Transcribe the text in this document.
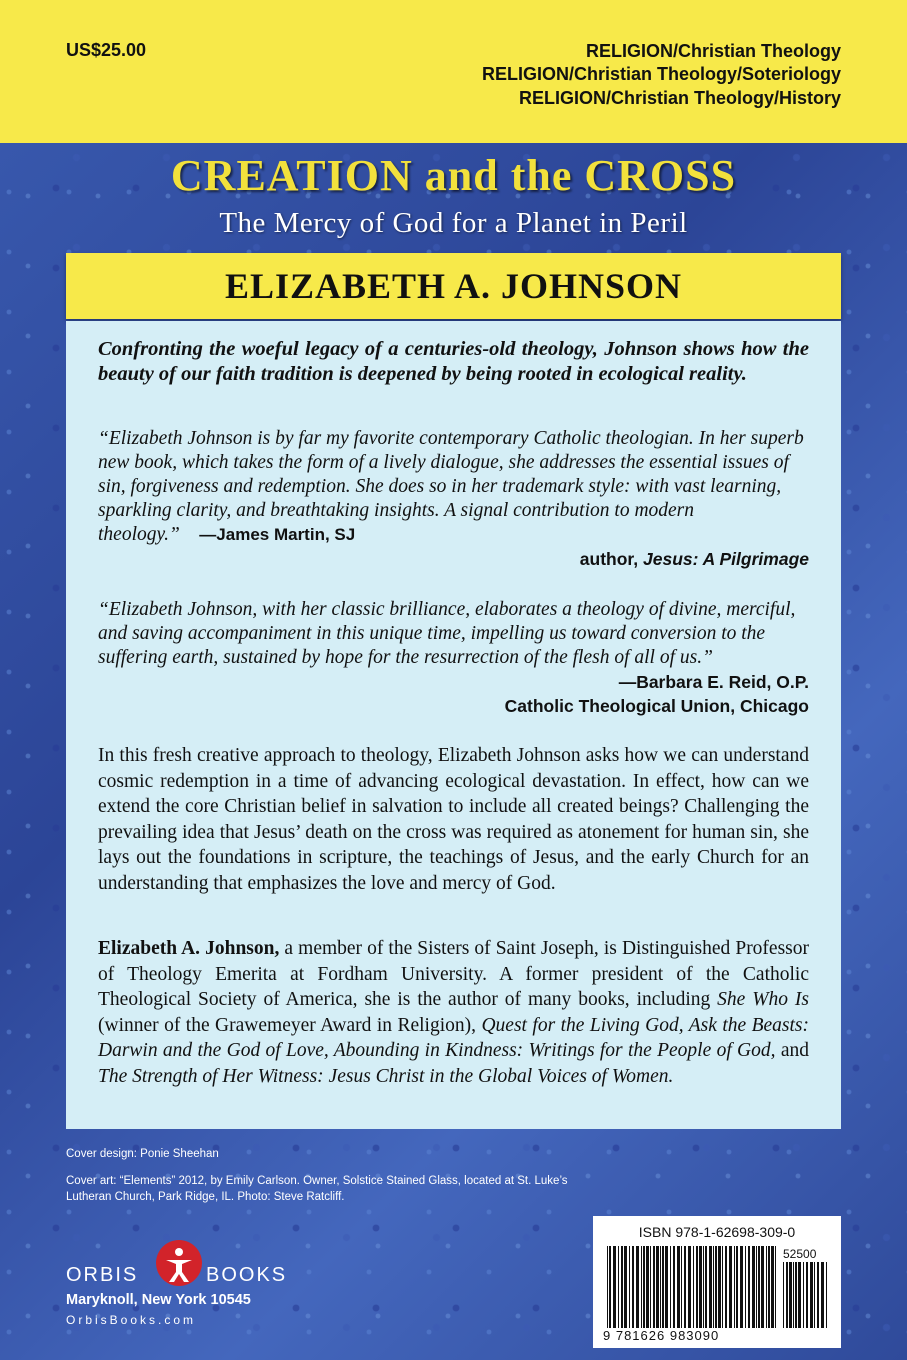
US$25.00	RELIGION/Christian Theology
RELIGION/Christian Theology/Soteriology
RELIGION/Christian Theology/History
CREATION and the CROSS
The Mercy of God for a Planet in Peril
ELIZABETH A. JOHNSON

Confronting the woeful legacy of a centuries-old theology, Johnson shows how the beauty of our faith tradition is deepened by being rooted in ecological reality.

“Elizabeth Johnson is by far my favorite contemporary Catholic theologian. In her superb new book, which takes the form of a lively dialogue, she addresses the essential issues of sin, forgiveness and redemption. She does so in her trademark style: with vast learning, sparkling clarity, and breathtaking insights. A signal contribution to modern theology.” —James Martin, SJ

author, Jesus: A Pilgrimage

“Elizabeth Johnson, with her classic brilliance, elaborates a theology of divine, merciful, and saving accompaniment in this unique time, impelling us toward conversion to the suffering earth, sustained by hope for the resurrection of the flesh of all of us.”

—Barbara E. Reid, O.P.

Catholic Theological Union, Chicago

In this fresh creative approach to theology, Elizabeth Johnson asks how we can understand cosmic redemption in a time of advancing ecological devastation. In effect, how can we extend the core Christian belief in salvation to include all created beings? Challenging the prevailing idea that Jesus’ death on the cross was required as atonement for human sin, she lays out the foundations in scripture, the teachings of Jesus, and the early Church for an understanding that emphasizes the love and mercy of God.

Elizabeth A. Johnson, a member of the Sisters of Saint Joseph, is Distinguished Professor of Theology Emerita at Fordham University. A former president of the Catholic Theological Society of America, she is the author of many books, including She Who Is (winner of the Grawemeyer Award in Religion), Quest for the Living God, Ask the Beasts: Darwin and the God of Love, Abounding in Kindness: Writings for the People of God, and The Strength of Her Witness: Jesus Christ in the Global Voices of Women.

Cover design: Ponie Sheehan
Cover art: “Elements” 2012, by Emily Carlson. Owner, Solstice Stained Glass, located at St. Luke’s Lutheran Church, Park Ridge, IL. Photo: Steve Ratcliff.
ORBIS	BOOKS
Maryknoll, New York 10545
OrbisBooks.com
ISBN 978-1-62698-309-0
52500
9 781626 983090
